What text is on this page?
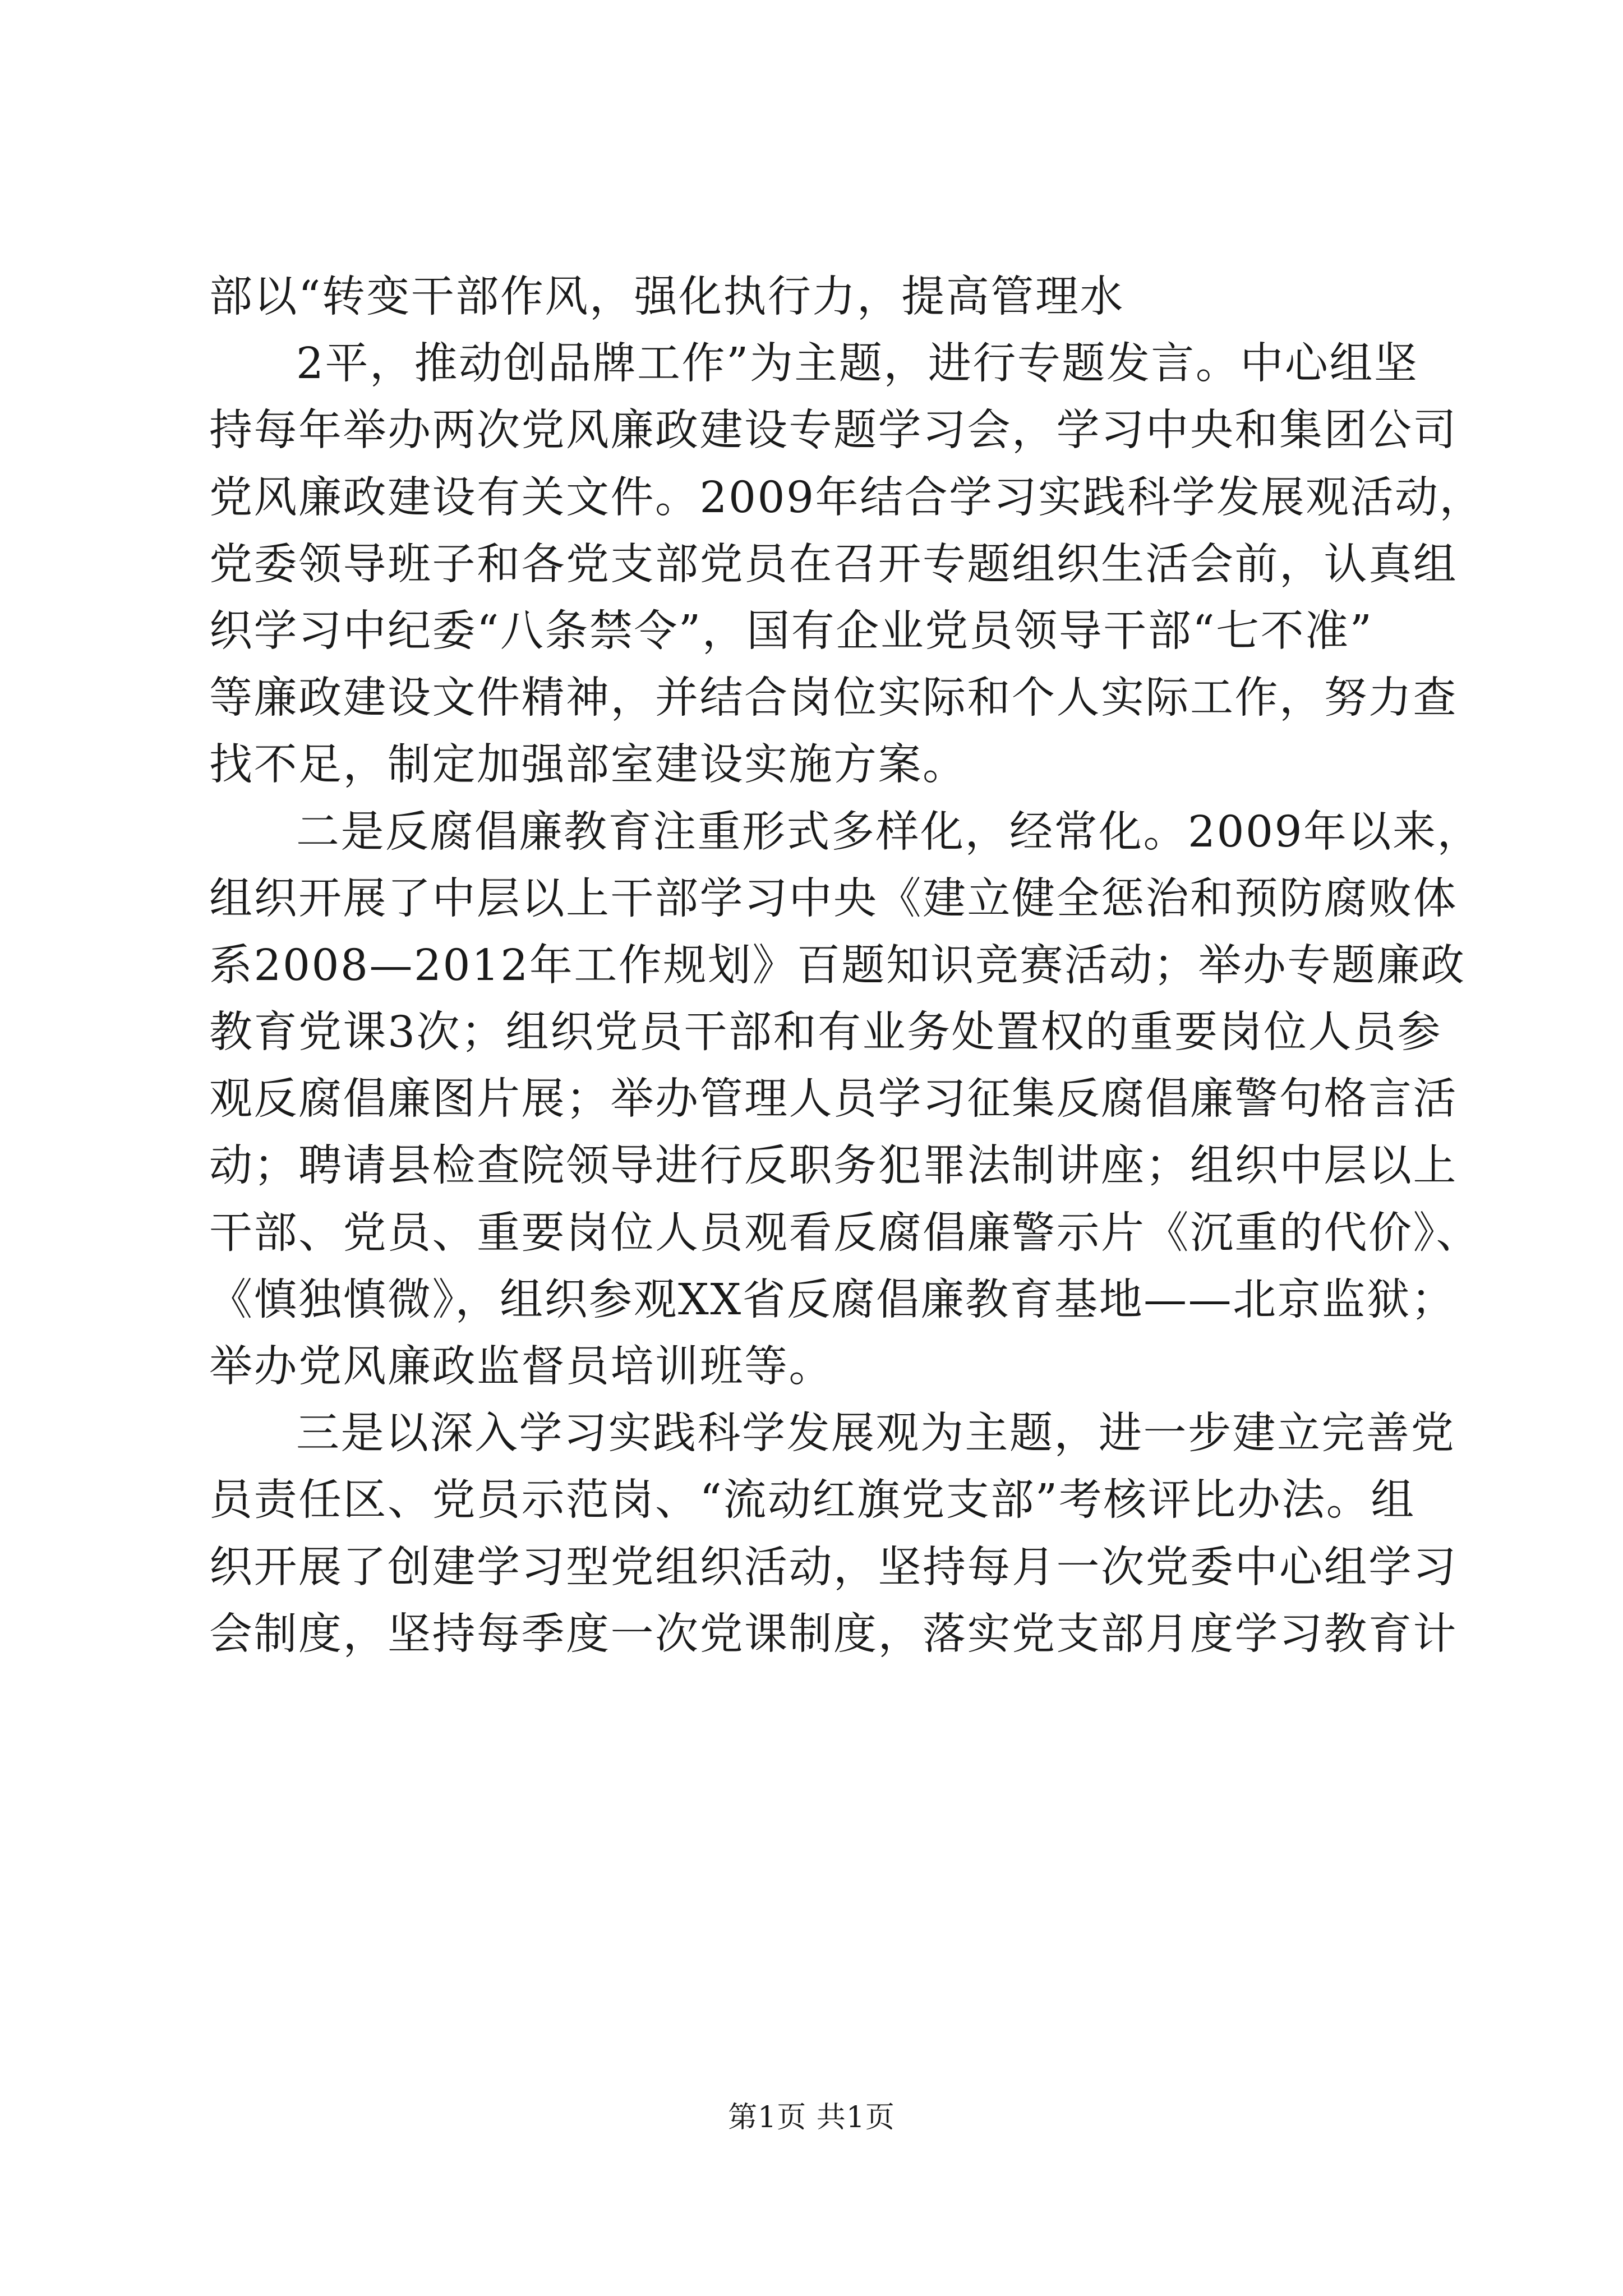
部以“转变干部作风，强化执行力，提高管理水
2平，推动创品牌工作”为主题，进行专题发言。中心组坚
持每年举办两次党风廉政建设专题学习会，学习中央和集团公司
党风廉政建设有关文件。2009年结合学习实践科学发展观活动，
党委领导班子和各党支部党员在召开专题组织生活会前，认真组
织学习中纪委“八条禁令”，国有企业党员领导干部“七不准”
等廉政建设文件精神，并结合岗位实际和个人实际工作，努力查
找不足，制定加强部室建设实施方案。
二是反腐倡廉教育注重形式多样化，经常化。2009年以来，
组织开展了中层以上干部学习中央《建立健全惩治和预防腐败体
系2008—2012年工作规划》百题知识竞赛活动；举办专题廉政
教育党课3次；组织党员干部和有业务处置权的重要岗位人员参
观反腐倡廉图片展；举办管理人员学习征集反腐倡廉警句格言活
动；聘请县检查院领导进行反职务犯罪法制讲座；组织中层以上
干部、党员、重要岗位人员观看反腐倡廉警示片《沉重的代价》、
《慎独慎微》，组织参观XX省反腐倡廉教育基地——北京监狱；
举办党风廉政监督员培训班等。
三是以深入学习实践科学发展观为主题，进一步建立完善党
员责任区、党员示范岗、“流动红旗党支部”考核评比办法。组
织开展了创建学习型党组织活动，坚持每月一次党委中心组学习
会制度，坚持每季度一次党课制度，落实党支部月度学习教育计
第1页 共1页
